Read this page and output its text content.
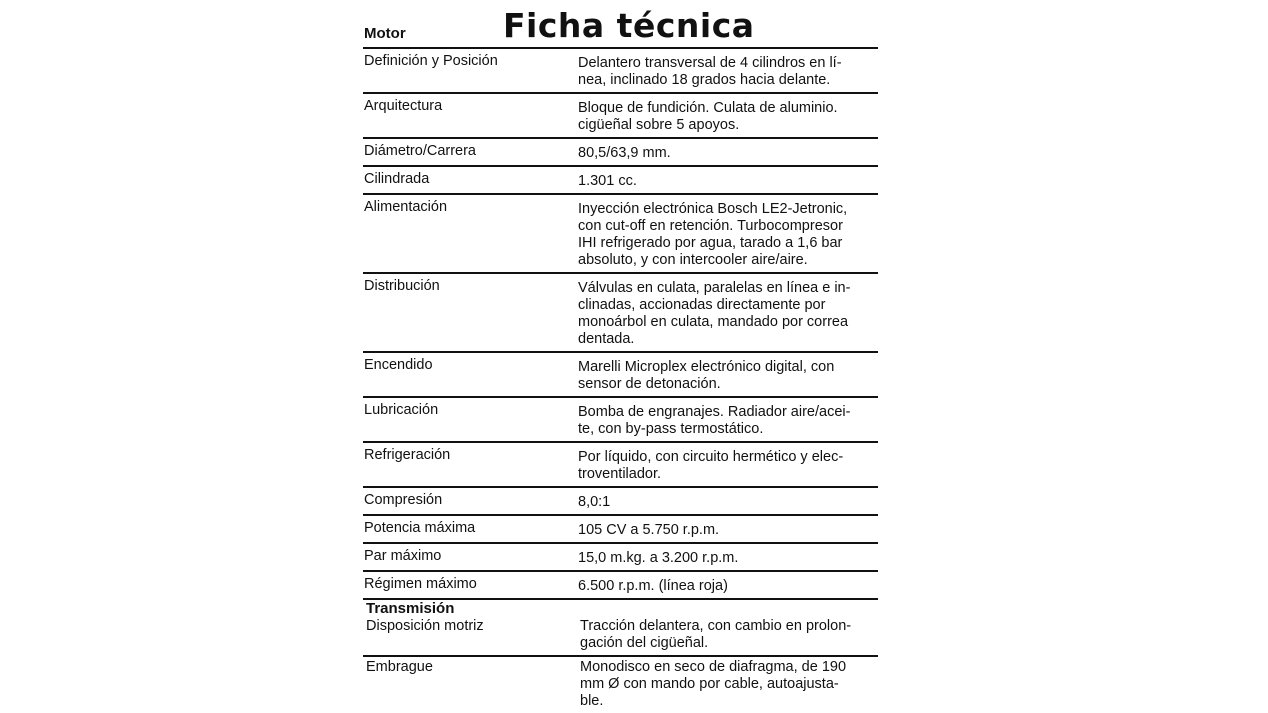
Ficha técnica
Motor
Definición y Posición	Delantero transversal de 4 cilindros en lí-
nea, inclinado 18 grados hacia delante.
Arquitectura	Bloque de fundición. Culata de aluminio.
cigüeñal sobre 5 apoyos.
Diámetro/Carrera	80,5/63,9 mm.
Cilindrada	1.301 cc.
Alimentación	Inyección electrónica Bosch LE2-Jetronic,
con cut-off en retención. Turbocompresor
IHI refrigerado por agua, tarado a 1,6 bar
absoluto, y con intercooler aire/aire.
Distribución	Válvulas en culata, paralelas en línea e in-
clinadas, accionadas directamente por
monoárbol en culata, mandado por correa
dentada.
Encendido	Marelli Microplex electrónico digital, con
sensor de detonación.
Lubricación	Bomba de engranajes. Radiador aire/acei-
te, con by-pass termostático.
Refrigeración	Por líquido, con circuito hermético y elec-
troventilador.
Compresión	8,0:1
Potencia máxima	105 CV a 5.750 r.p.m.
Par máximo	15,0 m.kg. a 3.200 r.p.m.
Régimen máximo	6.500 r.p.m. (línea roja)
Transmisión
Disposición motriz	Tracción delantera, con cambio en prolon-
gación del cigüeñal.
Embrague	Monodisco en seco de diafragma, de 190
mm Ø con mando por cable, autoajusta-
ble.
